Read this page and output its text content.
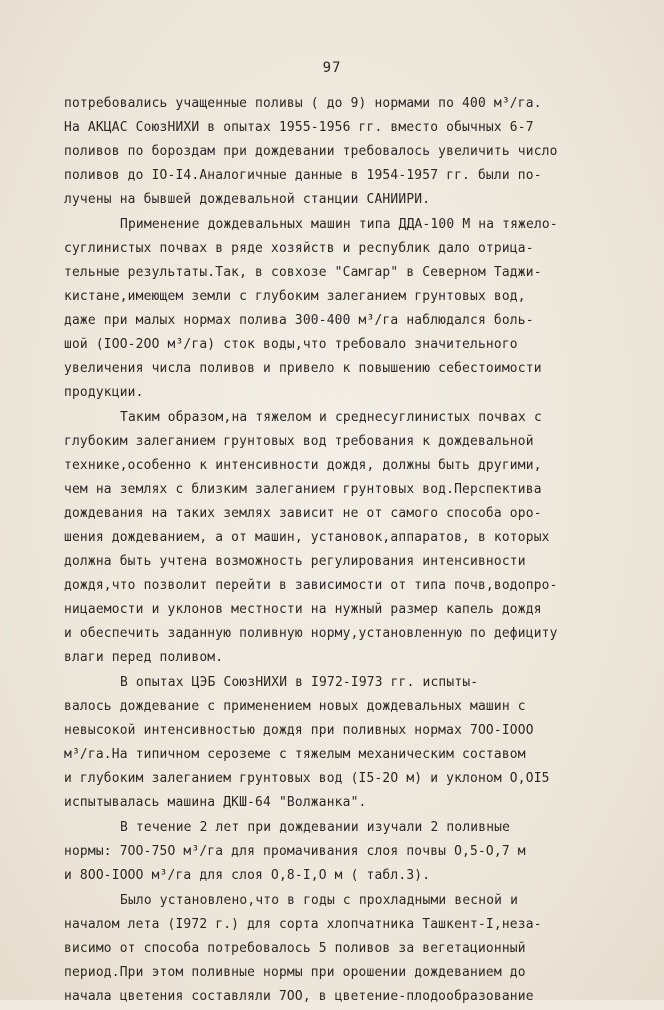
97
потребовались учащенные поливы ( до 9) нормами по 400 м³/га.
На АКЦАС СоюзНИХИ в опытах 1955-1956 гг. вместо обычных 6-7
поливов по бороздам при дождевании требовалось увеличить число
поливов до IО-I4.Аналогичные данные в 1954-1957 гг. были по-
лучены на бывшей дождевальной станции САНИИРИ.
Применение дождевальных машин типа ДДА-100 М на тяжело-
суглинистых почвах в ряде хозяйств и республик дало отрица-
тельные результаты.Так, в совхозе "Самгар" в Северном Таджи-
кистане,имеющем земли с глубоким залеганием грунтовых вод,
даже при малых нормах полива 300-400 м³/га наблюдался боль-
шой (IОО-2ОО м³/га) сток воды,что требовало значительного
увеличения числа поливов и привело к повышению себестоимости
продукции.
Таким образом,на тяжелом и среднесуглинистых почвах с
глубоким залеганием грунтовых вод требования к дождевальной
технике,особенно к интенсивности дождя, должны быть другими,
чем на землях с близким залеганием грунтовых вод.Перспектива
дождевания на таких землях зависит не от самого способа оро-
шения дождеванием, а от машин, установок,аппаратов, в которых
должна быть учтена возможность регулирования интенсивности
дождя,что позволит перейти в зависимости от типа почв,водопро-
ницаемости и уклонов местности на нужный размер капель дождя
и обеспечить заданную поливную норму,установленную по дефициту
влаги перед поливом.
В опытах ЦЭБ СоюзНИХИ в I972-I973 гг. испыты-
валось дождевание с применением новых дождевальных машин с
невысокой интенсивностью дождя при поливных нормах 7ОО-IООО
м³/га.На типичном сероземе с тяжелым механическим составом
и глубоким залеганием грунтовых вод (I5-2О м) и уклоном О,ОI5
испытывалась машина ДКШ-64 "Волжанка".
В течение 2 лет при дождевании изучали 2 поливные
нормы: 7ОО-75О м³/га для промачивания слоя почвы О,5-О,7 м
и 8ОО-IООО м³/га для слоя О,8-I,О м ( табл.3).
Было установлено,что в годы с прохладными весной и
началом лета (I972 г.) для сорта хлопчатника Ташкент-I,неза-
висимо от способа потребовалось 5 поливов за вегетационный
период.При этом поливные нормы при орошении дождеванием до
начала цветения составляли 7ОО, в цветение-плодообразование
